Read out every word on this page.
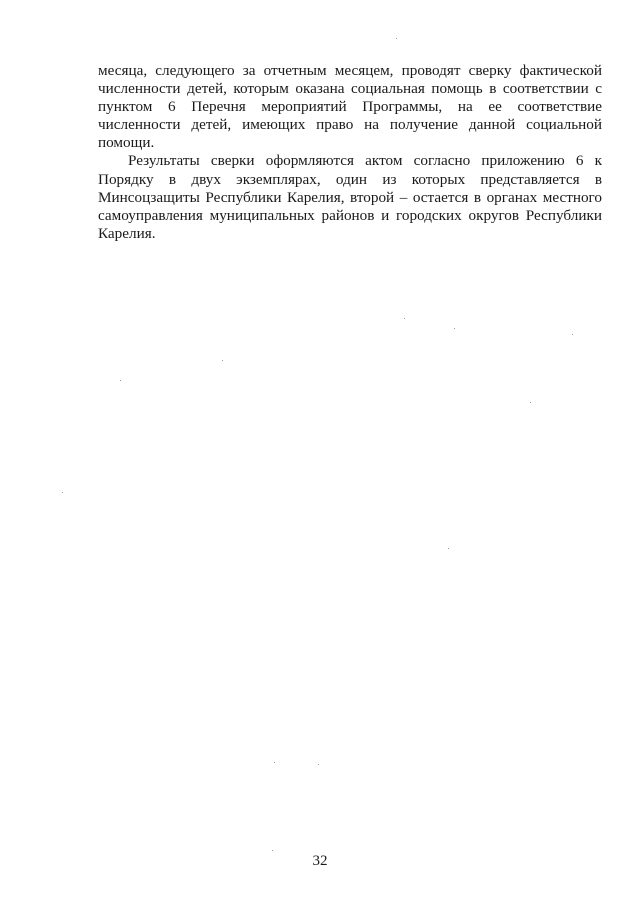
месяца, следующего за отчетным месяцем, проводят сверку фактической численности детей, которым оказана социальная помощь в соответствии с пунктом 6 Перечня мероприятий Программы, на ее соответствие численности детей, имеющих право на получение данной социальной помощи.

Результаты сверки оформляются актом согласно приложению 6 к Порядку в двух экземплярах, один из которых представляется в Минсоцзащиты Республики Карелия, второй – остается в органах местного самоуправления муниципальных районов и городских округов Республики Карелия.

32
